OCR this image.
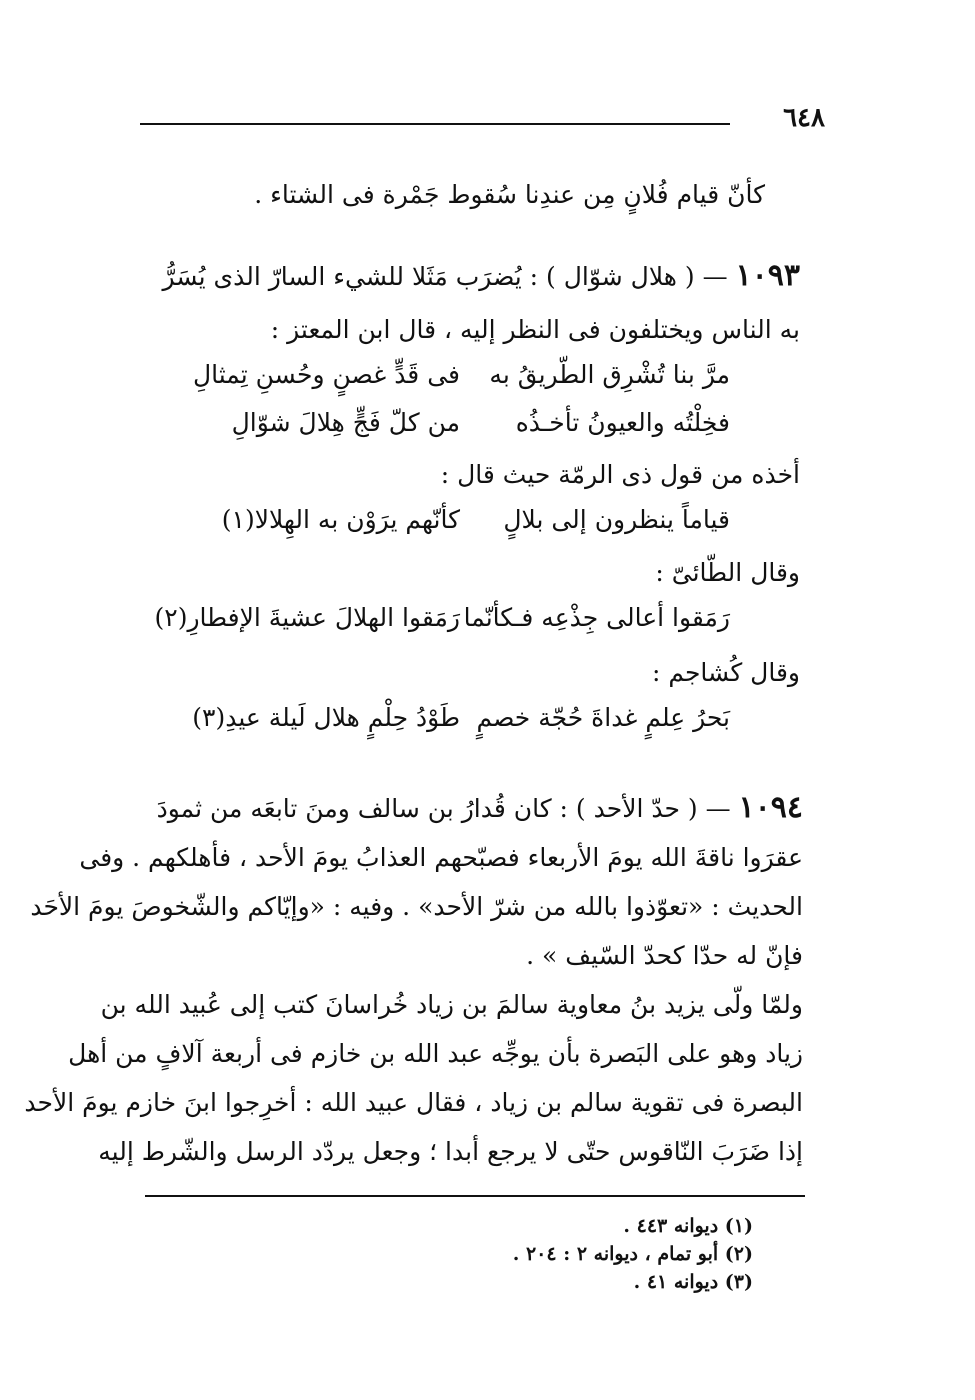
٦٤٨
كأنّ قيام فُلانٍ مِن عندِنا سُقوط جَمْرة فى الشتاء .
١٠٩٣ — ( هلال شوّال ) : يُضرَب مَثَلا للشيء السارّ الذى يُسَرُّ
به الناس ويختلفون فى النظر إليه ، قال ابن المعتز :
مرَّ بنا تُشْرِق الطّريقُ به
فى قَدٍّ غصنٍ وحُسنِ تِمثالِ
فخِلْتُه والعيونُ تأخـذُه
من كلّ فَجٍّ هِلالَ شوّالِ
أخذه من قول ذى الرمّة حيث قال :
قياماً ينظرون إلى بلالٍ
كأنّهم يرَوْن به الهِلالا(١)
وقال الطّائىّ :
رَمَقوا أعالى جِذْعِه فـكأنّما
رَمَقوا الهلالَ عشيةَ الإفطارِ(٢)
وقال كُشاجم :
بَحرُ عِلمٍ غداةَ حُجّة خصمٍ
طَوْدُ حِلْمٍ هلال لَيلة عيدِ(٣)
١٠٩٤ — ( حدّ الأحد ) : كان قُدارُ بن سالف ومنَ تابعَه من ثمودَ
عقرَوا ناقةَ الله يومَ الأربعاء فصبّحهم العذابُ يومَ الأحد ، فأهلكهم . وفى
الحديث : «تعوّذوا بالله من شرّ الأحد» . وفيه : «وإيّاكم والشّخوصَ يومَ الأحَد
فإنّ له حدّا كحدّ السّيف » .
ولمّا ولّى يزيد بنُ معاوية سالمَ بن زياد خُراسانَ كتب إلى عُبيد الله بن
زياد وهو على البَصرة بأن يوجِّه عبد الله بن خازم فى أربعة آلافٍ من أهل
البصرة فى تقوية سالم بن زياد ، فقال عبيد الله : أخرِجوا ابنَ خازم يومَ الأحد
إذا ضَرَبَ النّاقوس حتّى لا يرجع أبدا ؛ وجعل يردّد الرسل والشّرط إليه
(١) ديوانه ٤٤٣ .
(٢) أبو تمام ، ديوانه ٢ : ٢٠٤ .
(٣) ديوانه ٤١ .
